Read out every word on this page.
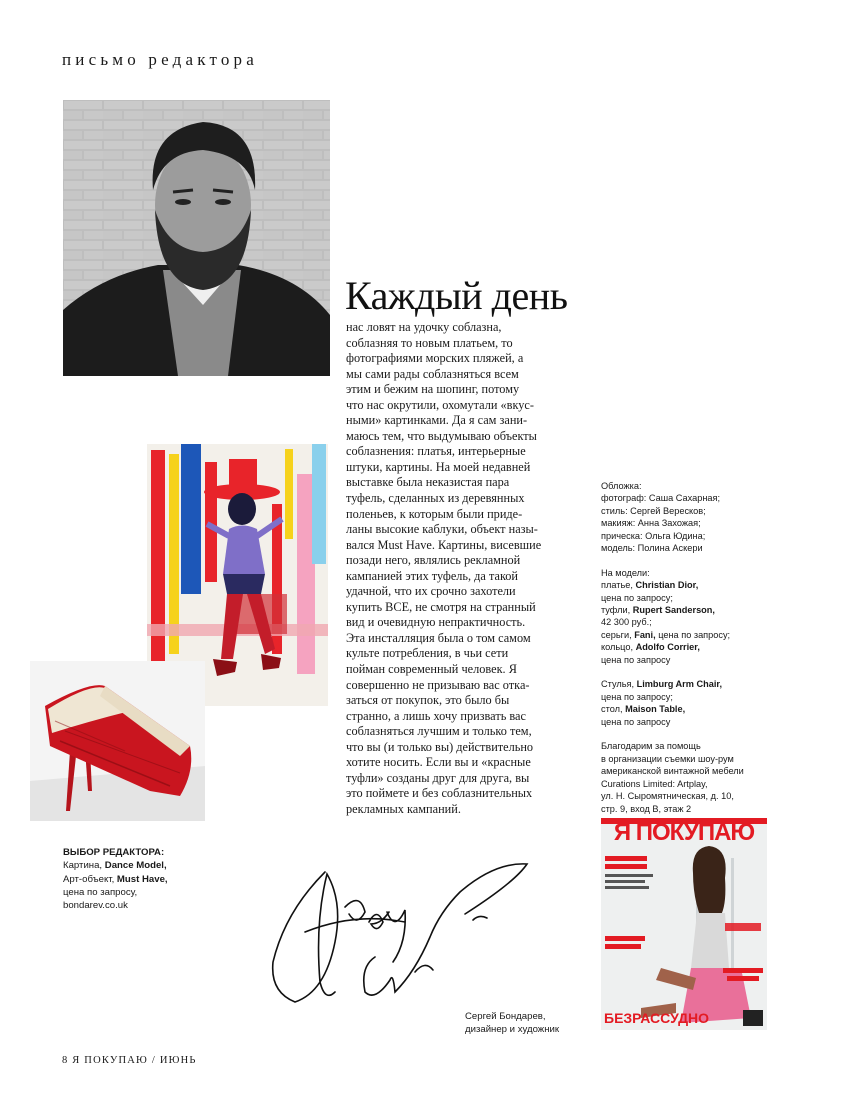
письмо редактора
Каждый день
нас ловят на удочку соблазна,
соблазняя то новым платьем, то
фотографиями морских пляжей, а
мы сами рады соблазняться всем
этим и бежим на шопинг, потому
что нас окрутили, охомутали «вкус-
ными» картинками. Да я сам зани-
маюсь тем, что выдумываю объекты
соблазнения: платья, интерьерные
штуки, картины. На моей недавней
выставке была неказистая пара
туфель, сделанных из деревянных
поленьев, к которым были приде-
ланы высокие каблуки, объект назы-
вался Must Have. Картины, висевшие
позади него, являлись рекламной
кампанией этих туфель, да такой
удачной, что их срочно захотели
купить ВСЕ, не смотря на странный
вид и очевидную непрактичность.
Эта инсталляция была о том самом
культе потребления, в чьи сети
пойман современный человек. Я
совершенно не призываю вас отка-
заться от покупок, это было бы
странно, а лишь хочу призвать вас
соблазняться лучшим и только тем,
что вы (и только вы) действительно
хотите носить. Если вы и «красные
туфли» созданы друг для друга, вы
это поймете и без соблазнительных
рекламных кампаний.
ВЫБОР РЕДАКТОРА:
Картина, Dance Model,
Арт-объект, Must Have,
цена по запросу,
bondarev.co.uk
Обложка:
фотограф: Саша Сахарная;
стиль: Сергей Вересков;
макияж: Анна Захожая;
прическа: Ольга Юдина;
модель: Полина Аскери
На модели:
платье, Christian Dior,
цена по запросу;
туфли, Rupert Sanderson,
42 300 руб.;
серьги, Fani, цена по запросу;
кольцо, Adolfo Corrier,
цена по запросу
Стулья, Limburg Arm Chair,
цена по запросу;
стол, Maison Table,
цена по запросу
Благодарим за помощь
в организации съемки шоу-рум
американской винтажной мебели
Curations Limited: Artplay,
ул. Н. Сыромятническая, д. 10,
стр. 9, вход В, этаж 2
Сергей Бондарев,
дизайнер и художник
Я ПОКУПАЮ
БЕЗРАССУДНО
8 Я ПОКУПАЮ / ИЮНЬ
